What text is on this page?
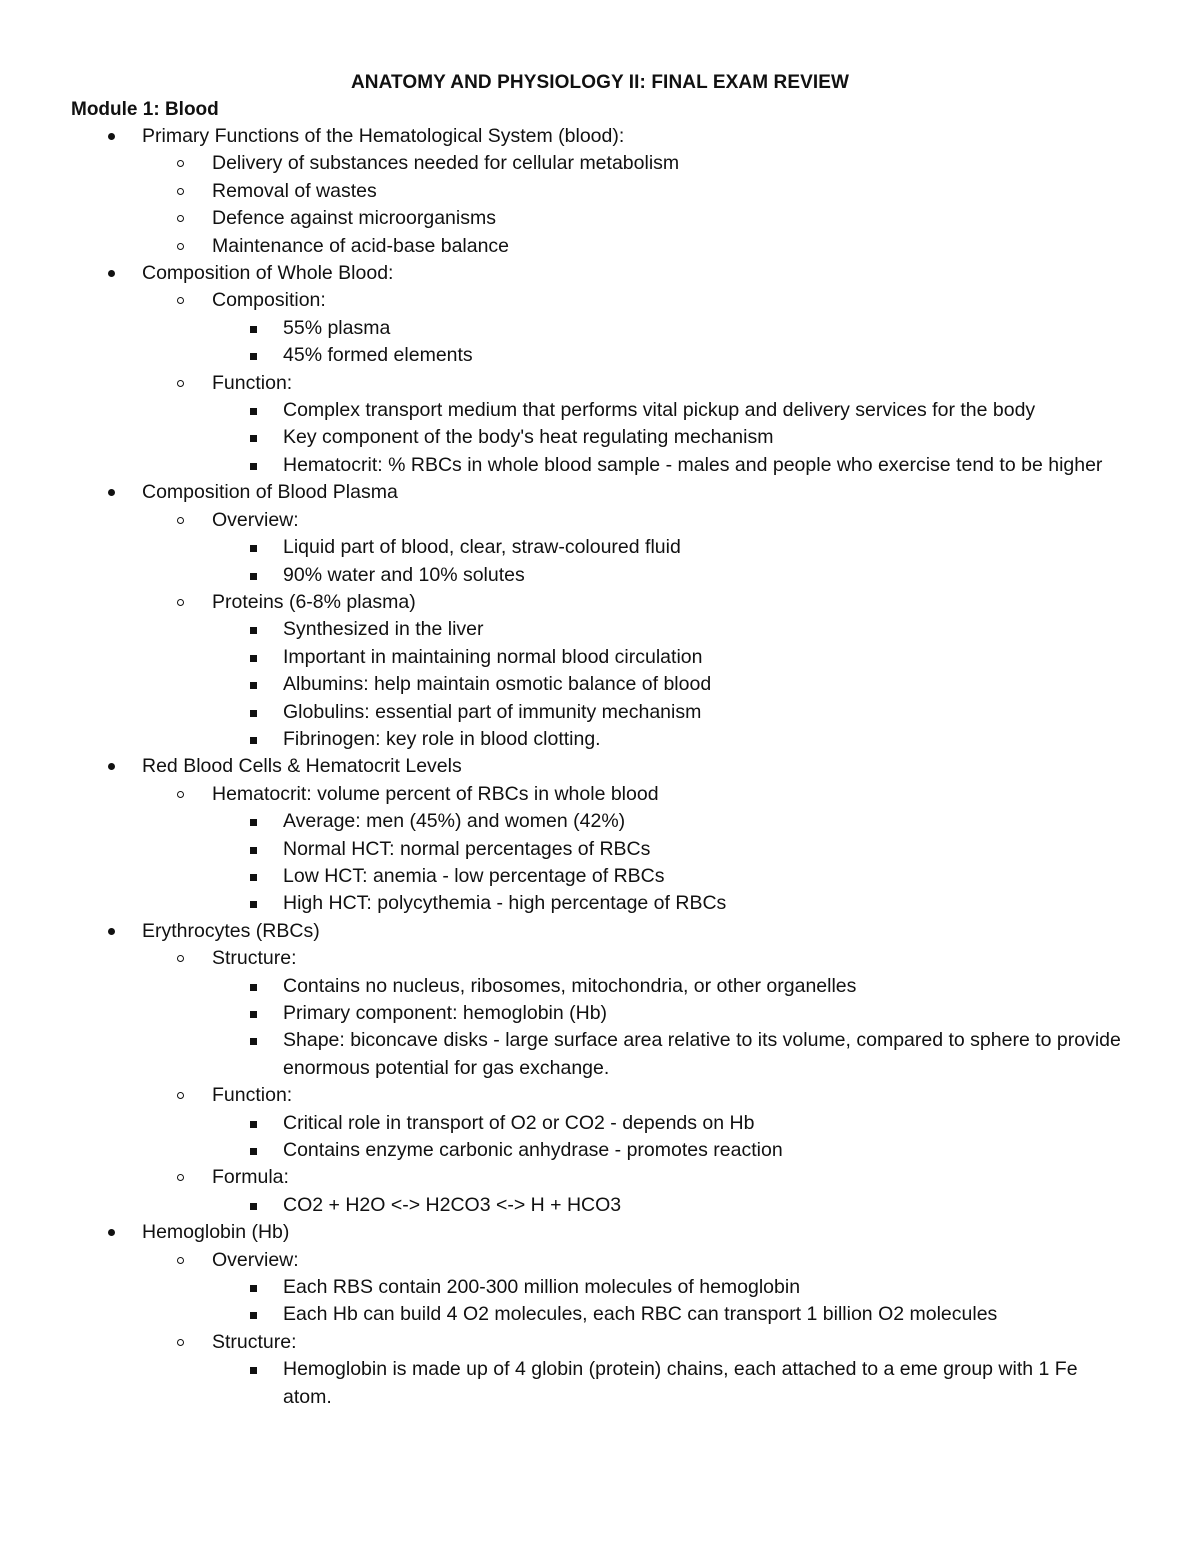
ANATOMY AND PHYSIOLOGY II: FINAL EXAM REVIEW
Module 1: Blood
Primary Functions of the Hematological System (blood):
Delivery of substances needed for cellular metabolism
Removal of wastes
Defence against microorganisms
Maintenance of acid-base balance
Composition of Whole Blood:
Composition:
55% plasma
45% formed elements
Function:
Complex transport medium that performs vital pickup and delivery services for the body
Key component of the body's heat regulating mechanism
Hematocrit: % RBCs in whole blood sample - males and people who exercise tend to be higher
Composition of Blood Plasma
Overview:
Liquid part of blood, clear, straw-coloured fluid
90% water and 10% solutes
Proteins (6-8% plasma)
Synthesized in the liver
Important in maintaining normal blood circulation
Albumins: help maintain osmotic balance of blood
Globulins: essential part of immunity mechanism
Fibrinogen: key role in blood clotting.
Red Blood Cells & Hematocrit Levels
Hematocrit: volume percent of RBCs in whole blood
Average: men (45%) and women (42%)
Normal HCT: normal percentages of RBCs
Low HCT: anemia - low percentage of RBCs
High HCT: polycythemia - high percentage of RBCs
Erythrocytes (RBCs)
Structure:
Contains no nucleus, ribosomes, mitochondria, or other organelles
Primary component: hemoglobin (Hb)
Shape: biconcave disks - large surface area relative to its volume, compared to sphere to provide enormous potential for gas exchange.
Function:
Critical role in transport of O2 or CO2 - depends on Hb
Contains enzyme carbonic anhydrase - promotes reaction
Formula:
CO2 + H2O <-> H2CO3 <-> H + HCO3
Hemoglobin (Hb)
Overview:
Each RBS contain 200-300 million molecules of hemoglobin
Each Hb can build 4 O2 molecules, each RBC can transport 1 billion O2 molecules
Structure:
Hemoglobin is made up of 4 globin (protein) chains, each attached to a eme group with 1 Fe atom.
